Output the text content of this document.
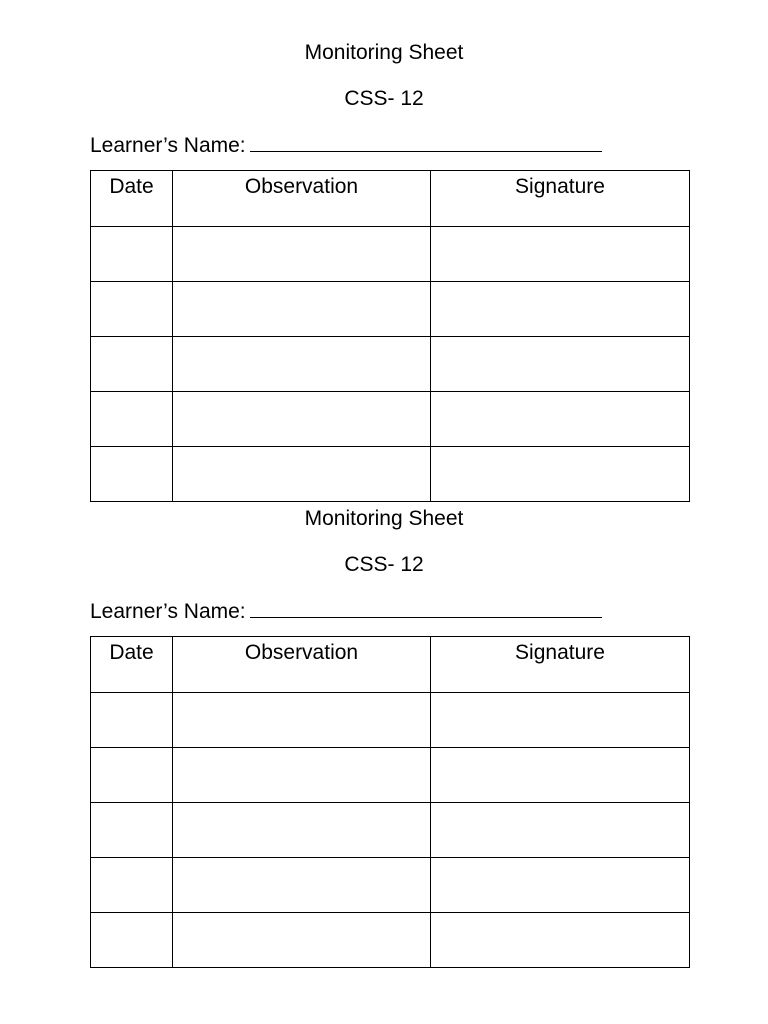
Monitoring Sheet
CSS- 12
Learner’s Name:
Date	Observation	Signature

Monitoring Sheet
CSS- 12
Learner’s Name:
Date	Observation	Signature
